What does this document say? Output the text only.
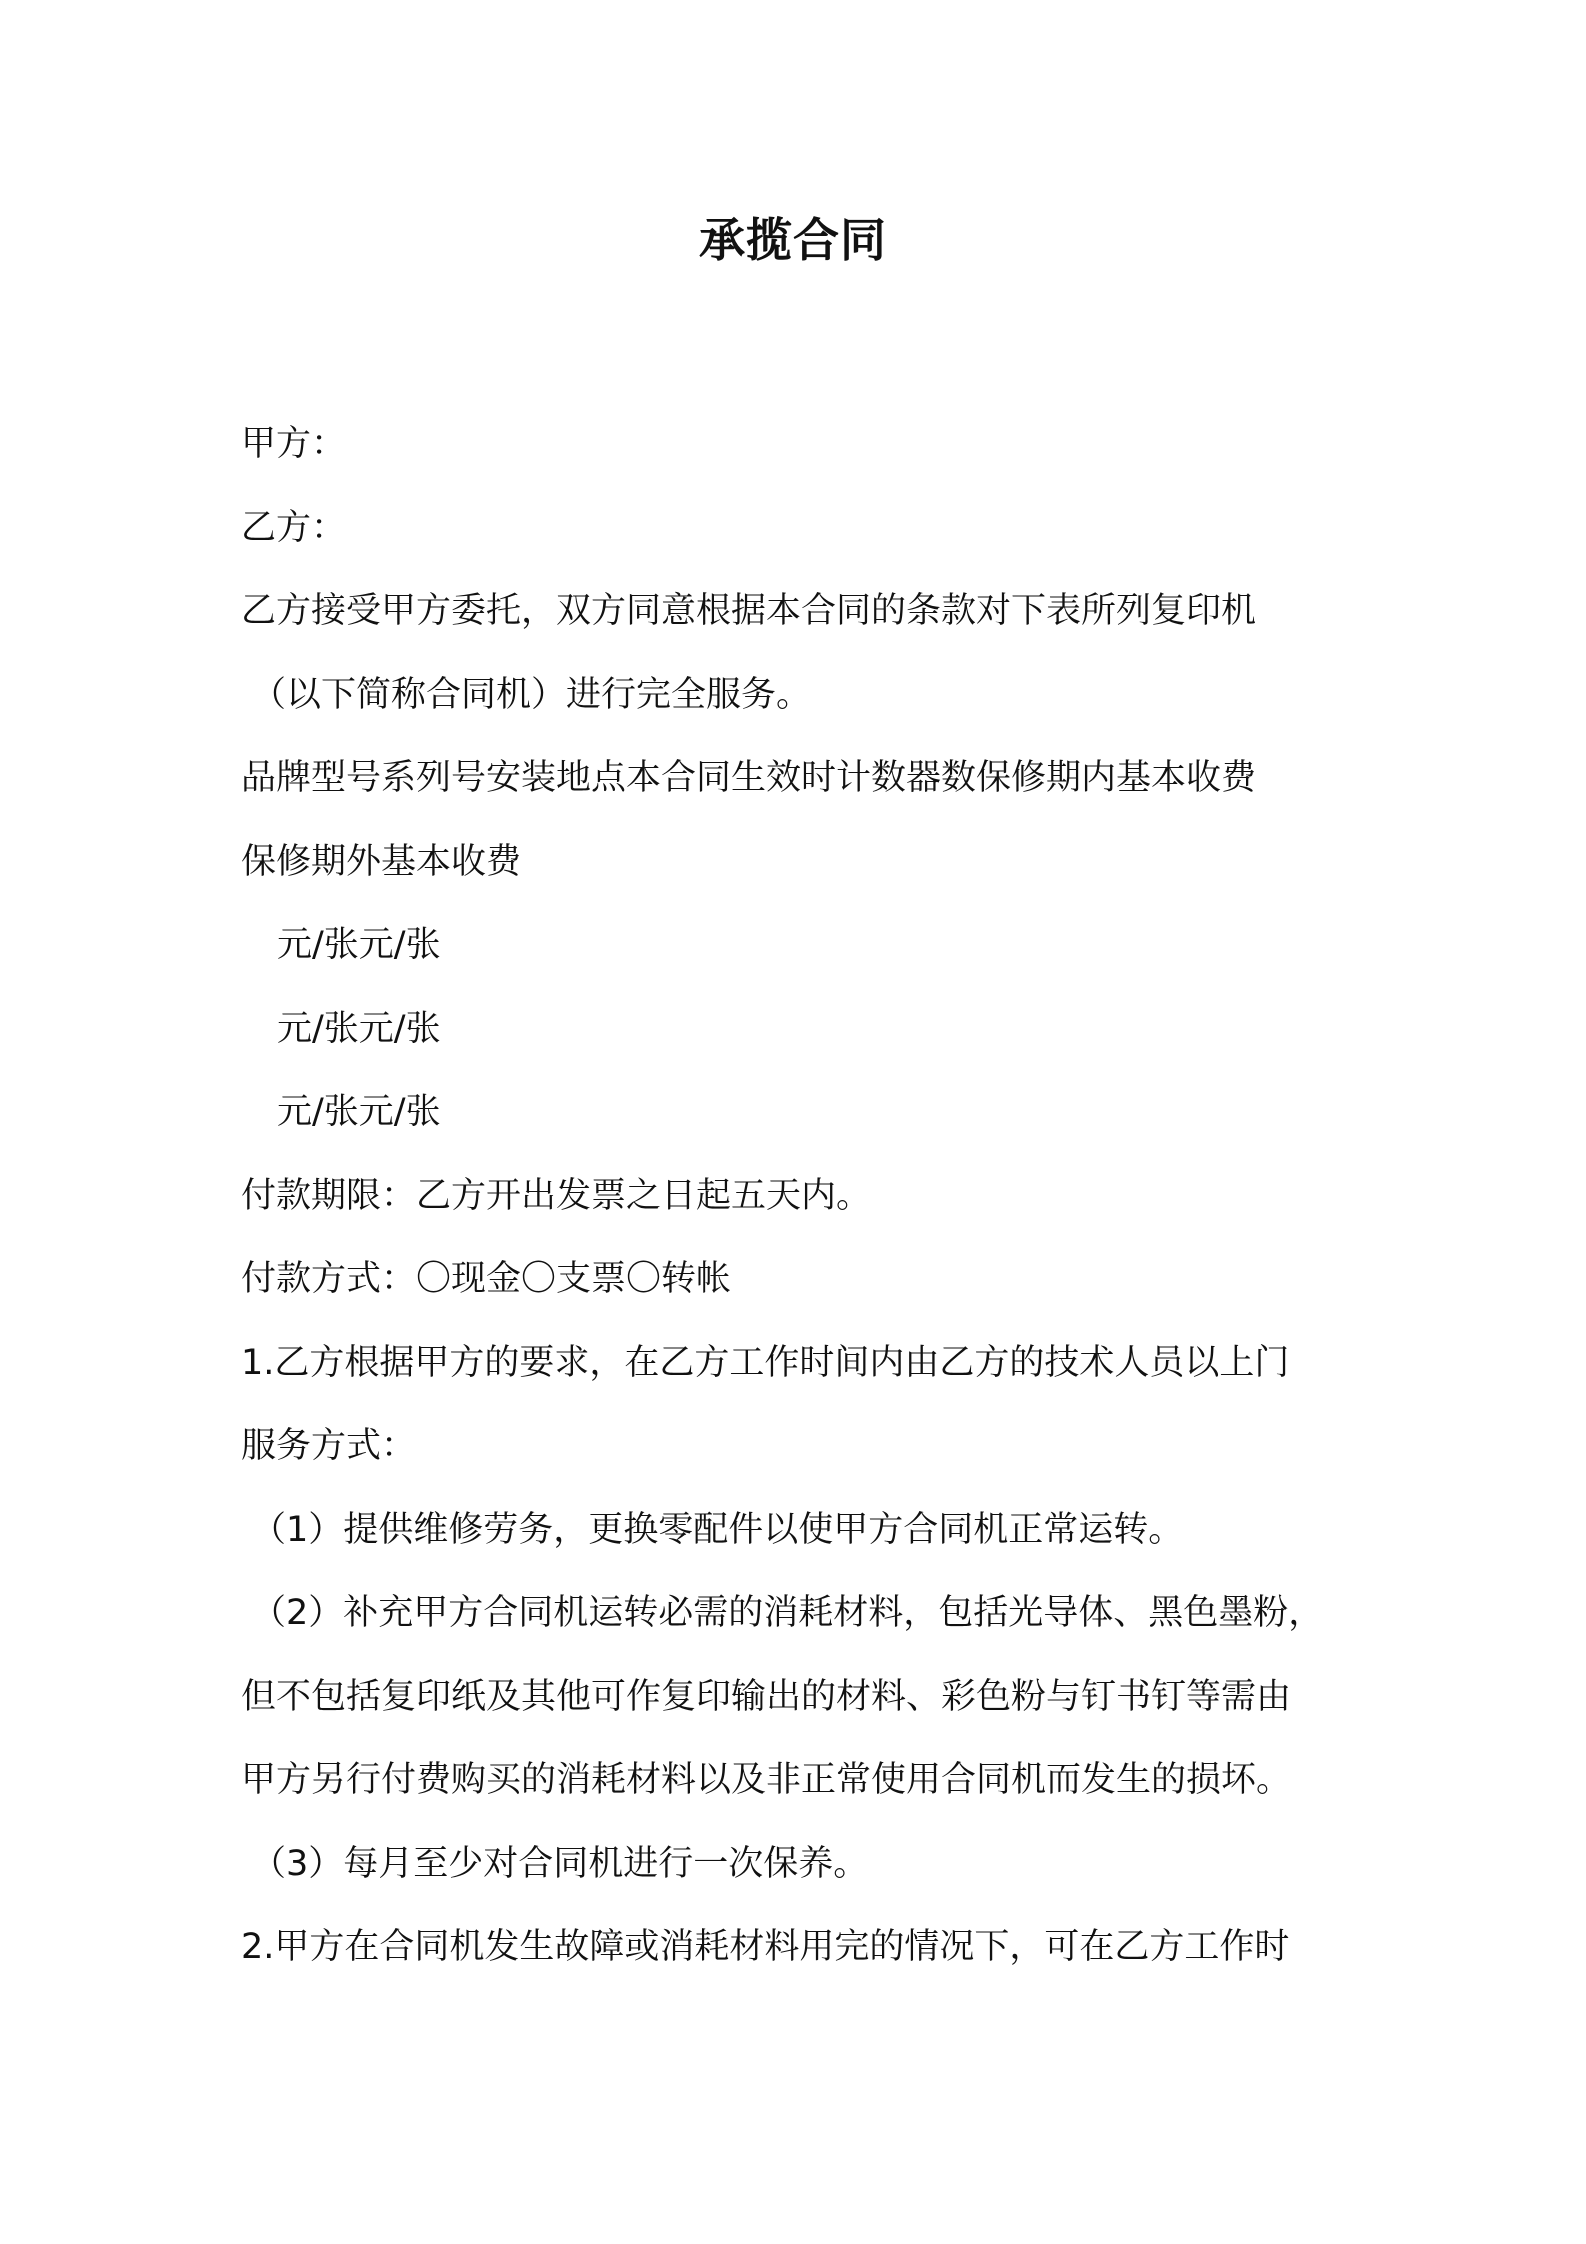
承揽合同
甲方：
乙方：
乙方接受甲方委托，双方同意根据本合同的条款对下表所列复印机
（以下简称合同机）进行完全服务。
品牌型号系列号安装地点本合同生效时计数器数保修期内基本收费
保修期外基本收费
元/张元/张
元/张元/张
元/张元/张
付款期限：乙方开出发票之日起五天内。
付款方式：〇现金〇支票〇转帐
1.乙方根据甲方的要求，在乙方工作时间内由乙方的技术人员以上门
服务方式：
（1）提供维修劳务，更换零配件以使甲方合同机正常运转。
（2）补充甲方合同机运转必需的消耗材料，包括光导体、黑色墨粉，
但不包括复印纸及其他可作复印输出的材料、彩色粉与钉书钉等需由
甲方另行付费购买的消耗材料以及非正常使用合同机而发生的损坏。
（3）每月至少对合同机进行一次保养。
2.甲方在合同机发生故障或消耗材料用完的情况下，可在乙方工作时
